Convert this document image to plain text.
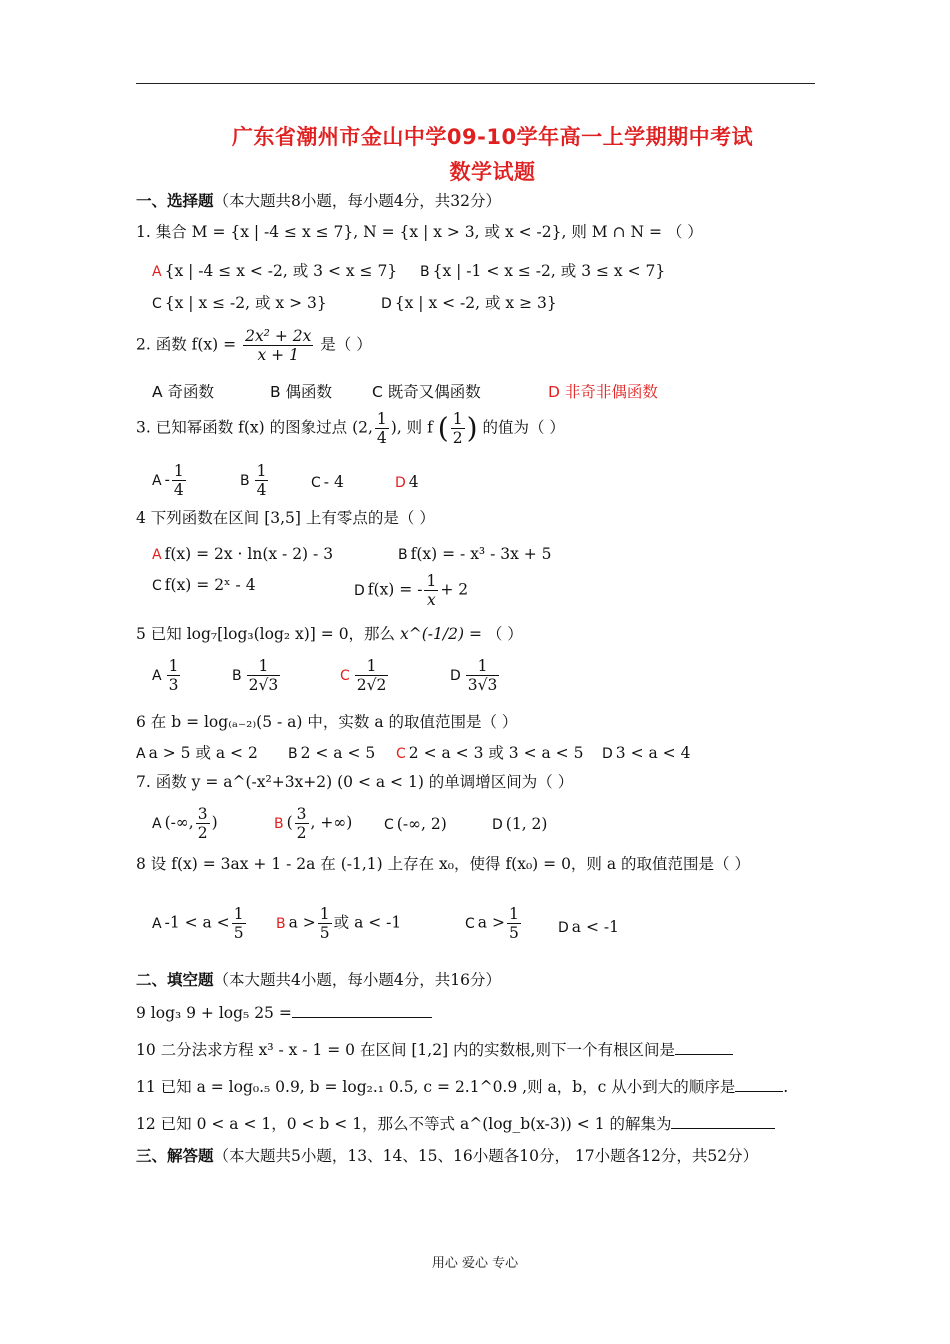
广东省潮州市金山中学09-10学年高一上学期期中考试
数学试题
一、选择题（本大题共8小题，每小题4分，共32分）
1. 集合 M = {x | -4 ≤ x ≤ 7}, N = {x | x > 3, 或 x < -2}, 则 M ∩ N = （ ）
A {x | -4 ≤ x < -2, 或 3 < x ≤ 7} B {x | -1 < x ≤ -2, 或 3 ≤ x < 7}
C {x | x ≤ -2, 或 x > 3}	D {x | x < -2, 或 x ≥ 3}
2. 函数 $f(x) = \frac{\text{2x² + 2x}}{x + 1}$ 是（ ）
A 奇函数	B 偶函数	C 既奇又偶函数	D 非奇非偶函数
3. 已知幂函数 f(x) 的图象过点 (2, $\frac{1}{4}$ ), 则 f ( $\frac{1}{2}$ ) 的值为（ ）
A - $\frac{1}{4}$	B $\frac{1}{4}$	C - 4	D 4
4 下列函数在区间 [3,5] 上有零点的是（ ）
A f(x) = 2x · ln(x - 2) - 3	B f(x) = - x³ - 3x + 5
C f(x) = 2ˣ - 4	D f(x) = - $\frac{1}{x} + 2$
5 已知 log₇[log₃(log₂ x)] = 0，那么 x^(-1/2) = （ ）
A $\frac{1}{3}$	B $\frac{1}{2√3}$	C $\frac{1}{2√2}$	D $\frac{1}{3√3}$
6 在 b = log₍ₐ₋₂₎(5 - a) 中，实数 a 的取值范围是（ ）
A a > 5 或 a < 2 B 2 < a < 5 C 2 < a < 3 或 3 < a < 5 D 3 < a < 4
7. 函数 y = a^(-x²+3x+2) (0 < a < 1) 的单调增区间为（ ）
A (-∞, $\frac{3}{2}$ )	B ( $\frac{3}{2}$ , +∞) C (-∞, 2)	D (1, 2)
8 设 f(x) = 3ax + 1 - 2a 在 (-1,1) 上存在 x₀，使得 f(x₀) = 0，则 a 的取值范围是（ ）
A $-1 < a < \frac{1}{5}$ B $a > \frac{1}{5}$ 或 a < -1	C $a > \frac{1}{5}$	D a < -1
二、填空题（本大题共4小题，每小题4分，共16分）
9 log₃ 9 + log₅ 25 =
10 二分法求方程 x³ - x - 1 = 0 在区间 [1,2] 内的实数根,则下一个有根区间是
11 已知 a = log₀.₅ 0.9, b = log₂.₁ 0.5, c = 2.1^0.9 ,则 a，b，c 从小到大的顺序是	.
12 已知 0 < a < 1，0 < b < 1，那么不等式 a^(log_b(x-3)) < 1 的解集为
三、解答题（本大题共5小题，13、14、15、16小题各10分， 17小题各12分，共52分）
用心 爱心 专心
